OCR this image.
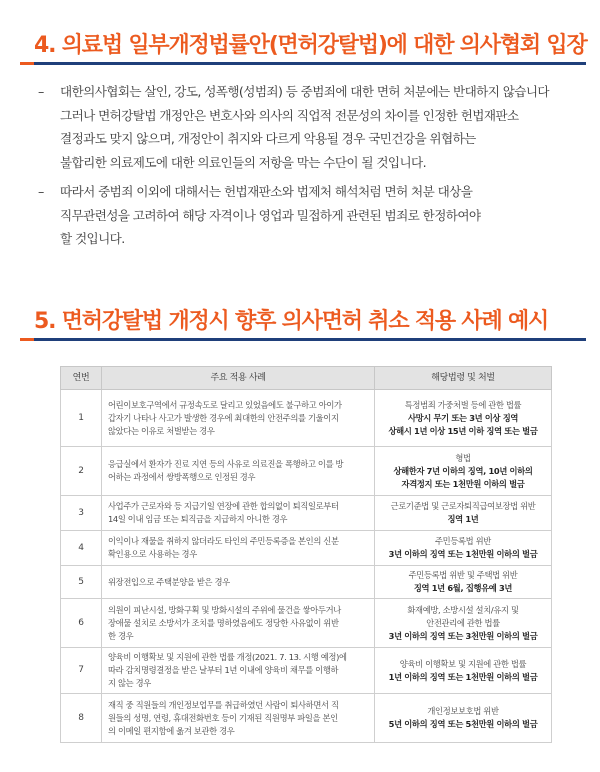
4. 의료법 일부개정법률안(면허강탈법)에 대한 의사협회 입장
– 대한의사협회는 살인, 강도, 성폭행(성범죄) 등 중범죄에 대한 면허 처분에는 반대하지 않습니다
그러나 면허강탈법 개정안은 변호사와 의사의 직업적 전문성의 차이를 인정한 헌법재판소
결정과도 맞지 않으며, 개정안이 취지와 다르게 악용될 경우 국민건강을 위협하는
불합리한 의료제도에 대한 의료인들의 저항을 막는 수단이 될 것입니다.
– 따라서 중범죄 이외에 대해서는 헌법재판소와 법제처 해석처럼 면허 처분 대상을
직무관련성을 고려하여 해당 자격이나 영업과 밀접하게 관련된 범죄로 한정하여야
할 것입니다.
5. 면허강탈법 개정시 향후 의사면허 취소 적용 사례 예시
연번	주요 적용 사례	해당법령 및 처벌
1	어린이보호구역에서 규정속도로 달리고 있었음에도 불구하고 아이가
갑자기 나타나 사고가 발생한 경우에 최대한의 안전주의를 기울이지
않았다는 이유로 처벌받는 경우	특정범죄 가중처벌 등에 관한 법률
사망시 무기 또는 3년 이상 징역
상해시 1년 이상 15년 이하 징역 또는 벌금

2	응급실에서 환자가 진료 지연 등의 사유로 의료진을 폭행하고 이를 방
어하는 과정에서 쌍방폭행으로 인정된 경우	형법
상해한자 7년 이하의 징역, 10년 이하의
자격정지 또는 1천만원 이하의 벌금

3	사업주가 근로자와 등 지급기일 연장에 관한 합의없이 퇴직일로부터
14일 이내 임금 또는 퇴직금을 지급하지 아니한 경우	근로기준법 및 근로자퇴직급여보장법 위반
징역 1년

4	이익이나 재물을 취하지 않더라도 타인의 주민등록증을 본인의 신분
확인용으로 사용하는 경우	주민등록법 위반
3년 이하의 징역 또는 1천만원 이하의 벌금

5	위장전입으로 주택분양을 받은 경우	주민등록법 위반 및 주택법 위반
징역 1년 6월, 집행유예 3년

6	의원이 피난시설, 방화구획 및 방화시설의 주위에 물건을 쌓아두거나
장애물 설치로 소방서가 조치를 명하였음에도 정당한 사유없이 위반
한 경우	화재예방, 소방시설 설치/유지 및
안전관리에 관한 법률
3년 이하의 징역 또는 3천만원 이하의 벌금

7	양육비 이행확보 및 지원에 관한 법률 개정(2021. 7. 13. 시행 예정)에
따라 감치명령결정을 받은 날부터 1년 이내에 양육비 채무를 이행하
지 않는 경우	양육비 이행확보 및 지원에 관한 법률
1년 이하의 징역 또는 1천만원 이하의 벌금

8	재직 중 직원들의 개인정보업무를 취급하였던 사람이 퇴사하면서 직
원들의 성명, 연령, 휴대전화번호 등이 기재된 직원명부 파일을 본인
의 이메일 편지함에 옮겨 보관한 경우	개인정보보호법 위반
5년 이하의 징역 또는 5천만원 이하의 벌금
